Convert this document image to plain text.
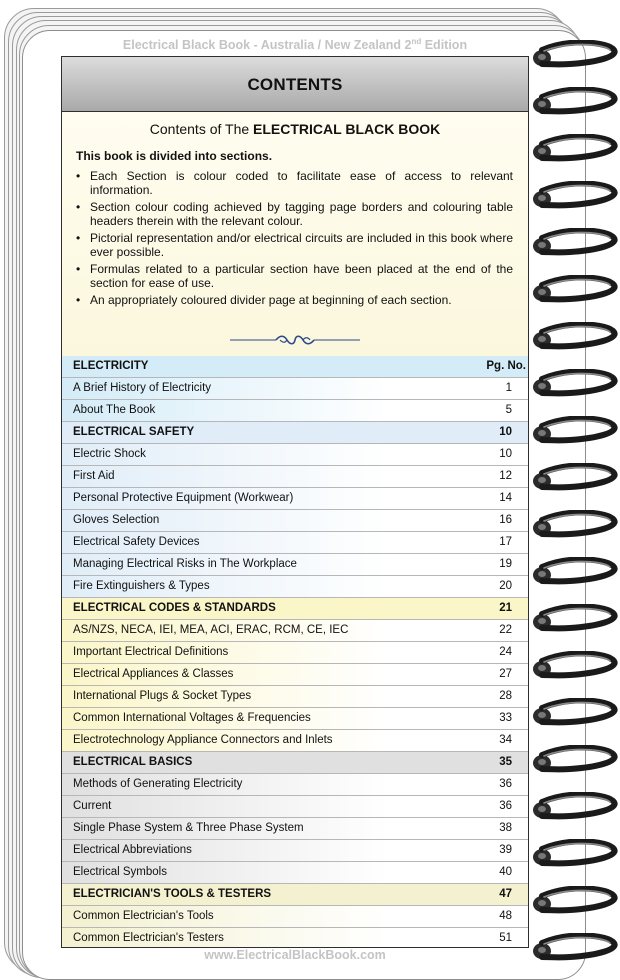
Electrical Black Book - Australia / New Zealand 2nd Edition
CONTENTS
Contents of The ELECTRICAL BLACK BOOK
This book is divided into sections.
• Each Section is colour coded to facilitate ease of access to relevant information.
• Section colour coding achieved by tagging page borders and colouring table headers therein with the relevant colour.
• Pictorial representation and/or electrical circuits are included in this book where ever possible.
• Formulas related to a particular section have been placed at the end of the section for ease of use.
• An appropriately coloured divider page at beginning of each section.
ELECTRICITY	Pg. No.
A Brief History of Electricity	1
About The Book	5
ELECTRICAL SAFETY	10
Electric Shock	10
First Aid	12
Personal Protective Equipment (Workwear)	14
Gloves Selection	16
Electrical Safety Devices	17
Managing Electrical Risks in The Workplace	19
Fire Extinguishers & Types	20
ELECTRICAL CODES & STANDARDS	21
AS/NZS, NECA, IEI, MEA, ACI, ERAC, RCM, CE, IEC	22
Important Electrical Definitions	24
Electrical Appliances & Classes	27
International Plugs & Socket Types	28
Common International Voltages & Frequencies	33
Electrotechnology Appliance Connectors and Inlets	34
ELECTRICAL BASICS	35
Methods of Generating Electricity	36
Current	36
Single Phase System & Three Phase System	38
Electrical Abbreviations	39
Electrical Symbols	40
ELECTRICIAN'S TOOLS & TESTERS	47
Common Electrician's Tools	48
Common Electrician's Testers	51
www.ElectricalBlackBook.com
